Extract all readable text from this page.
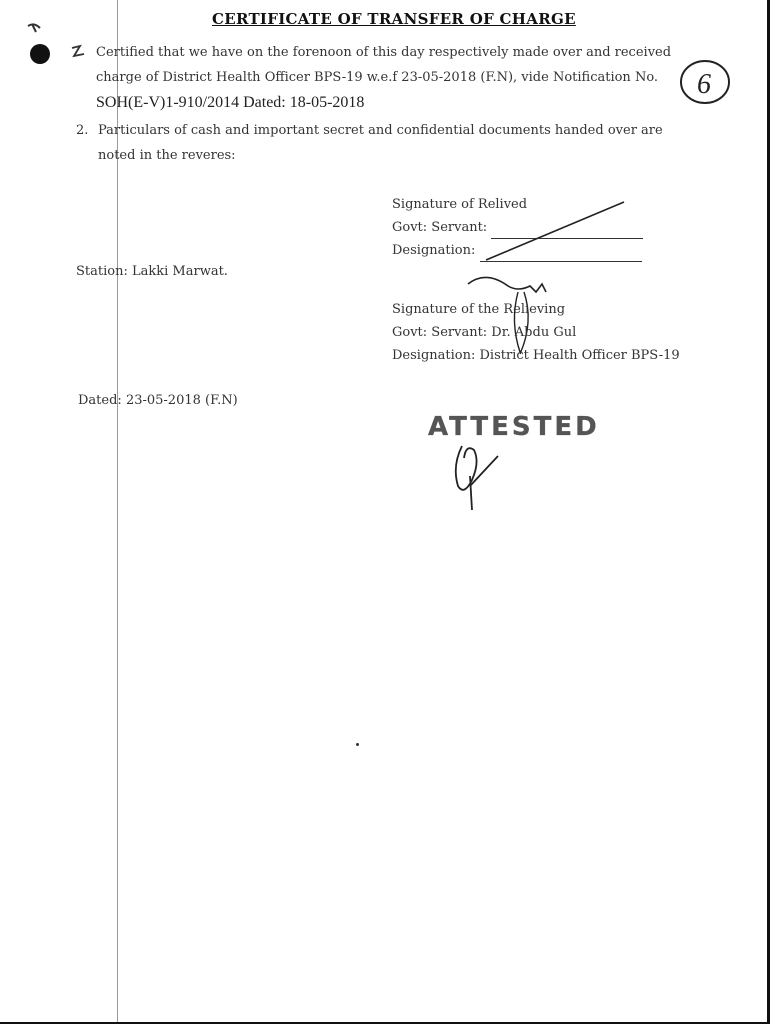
CERTIFICATE OF TRANSFER OF CHARGE
Certified that we have on the forenoon of this day respectively made over and received
charge of District Health Officer BPS-19 w.e.f 23-05-2018 (F.N), vide Notification No.
SOH(E-V)1-910/2014 Dated: 18-05-2018
6
2. Particulars of cash and important secret and confidential documents handed over are
noted in the reveres:
Signature of Relived
Govt: Servant:
Designation:
Station: Lakki Marwat.
Signature of the Relieving
Govt: Servant: Dr. Abdu Gul
Designation: District Health Officer BPS-19
Dated: 23-05-2018 (F.N)
ATTESTED
